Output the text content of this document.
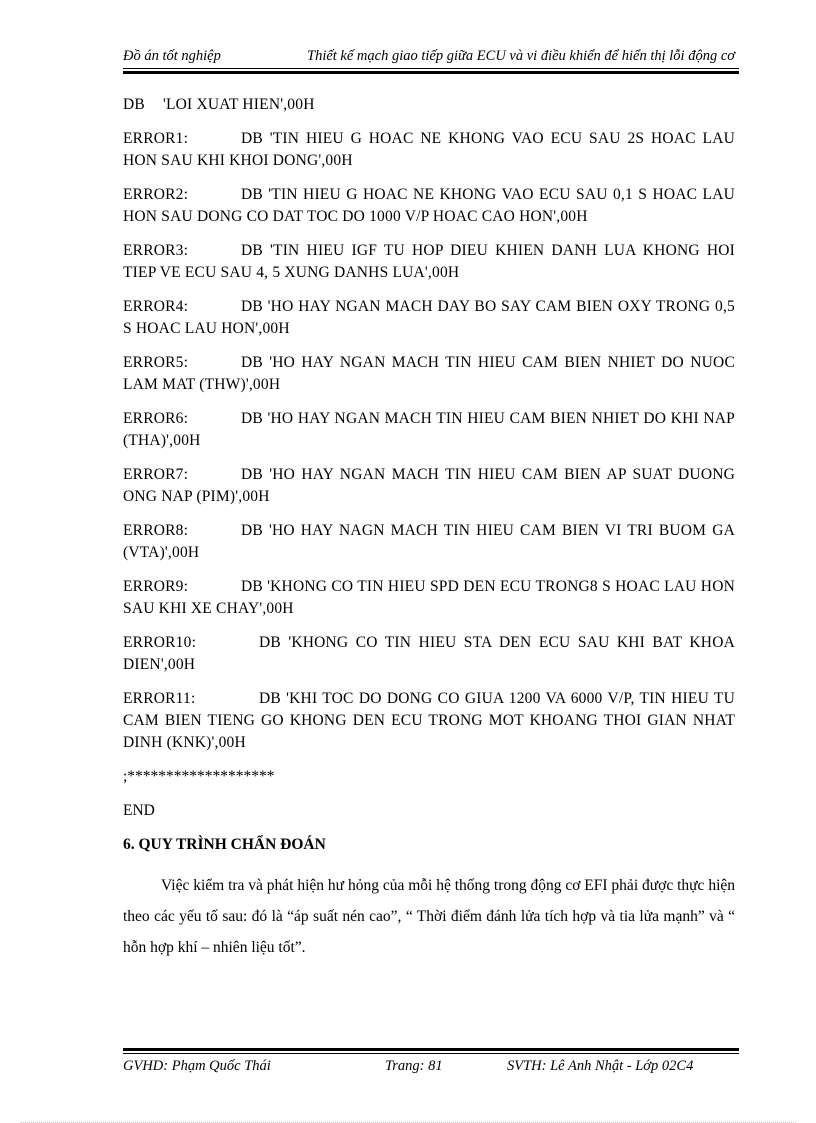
Đồ án tốt nghiệp	Thiết kế mạch giao tiếp giữa ECU và vi điều khiển để hiển thị lỗi động cơ
DB 'LOI XUAT HIEN',00H
ERROR1:	DB 'TIN HIEU G HOAC NE KHONG VAO ECU SAU 2S HOAC LAU HON SAU KHI KHOI DONG',00H
ERROR2:	DB 'TIN HIEU G HOAC NE KHONG VAO ECU SAU 0,1 S HOAC LAU HON SAU DONG CO DAT TOC DO 1000 V/P HOAC CAO HON',00H
ERROR3:	DB 'TIN HIEU IGF TU HOP DIEU KHIEN DANH LUA KHONG HOI TIEP VE ECU SAU 4, 5 XUNG DANHS LUA',00H
ERROR4:	DB 'HO HAY NGAN MACH DAY BO SAY CAM BIEN OXY TRONG 0,5 S HOAC LAU HON',00H
ERROR5:	DB 'HO HAY NGAN MACH TIN HIEU CAM BIEN NHIET DO NUOC LAM MAT (THW)',00H
ERROR6:	DB 'HO HAY NGAN MACH TIN HIEU CAM BIEN NHIET DO KHI NAP (THA)',00H
ERROR7:	DB 'HO HAY NGAN MACH TIN HIEU CAM BIEN AP SUAT DUONG ONG NAP (PIM)',00H
ERROR8:	DB 'HO HAY NAGN MACH TIN HIEU CAM BIEN VI TRI BUOM GA (VTA)',00H
ERROR9:	DB 'KHONG CO TIN HIEU SPD DEN ECU TRONG8 S HOAC LAU HON SAU KHI XE CHAY',00H
ERROR10:	DB 'KHONG CO TIN HIEU STA DEN ECU SAU KHI BAT KHOA DIEN',00H
ERROR11:	DB 'KHI TOC DO DONG CO GIUA 1200 VA 6000 V/P, TIN HIEU TU CAM BIEN TIENG GO KHONG DEN ECU TRONG MOT KHOANG THOI GIAN NHAT DINH (KNK)',00H
;*******************
END
6. QUY TRÌNH CHẨN ĐOÁN

Việc kiểm tra và phát hiện hư hỏng của mỗi hệ thống trong động cơ EFI phải được thực hiện theo các yếu tố sau: đó là “áp suất nén cao”, “ Thời điểm đánh lửa tích hợp và tia lửa mạnh” và “ hỗn hợp khí – nhiên liệu tốt”.

GVHD: Phạm Quốc Thái	Trang: 81	SVTH: Lê Anh Nhật - Lớp 02C4
